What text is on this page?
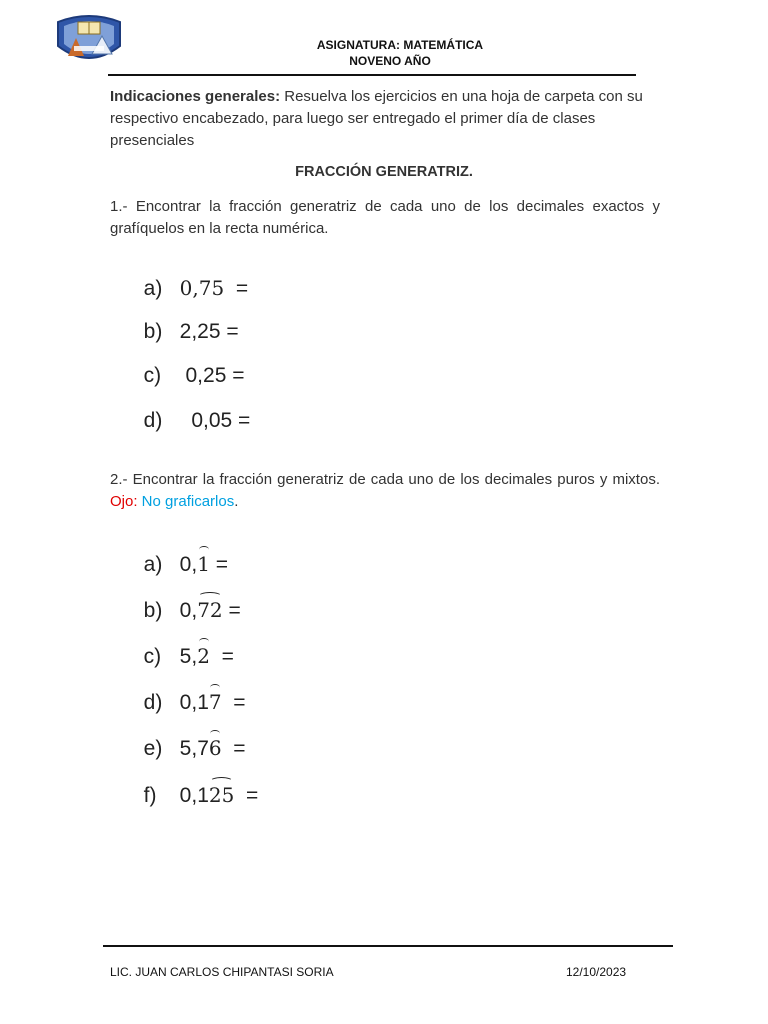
ASIGNATURA: MATEMÁTICA
NOVENO AÑO
Indicaciones generales: Resuelva los ejercicios en una hoja de carpeta con su respectivo encabezado, para luego ser entregado el primer día de clases presenciales
FRACCIÓN GENERATRIZ.
1.- Encontrar la fracción generatriz de cada uno de los decimales exactos y grafíquelos en la recta numérica.

a) 0,75  =

b) 2,25 =

c) 0,25 =

d)  0,05 =

2.- Encontrar la fracción generatriz de cada uno de los decimales puros y mixtos. Ojo: No graficarlos.

a) 0,1 =

b) 0,72 =

c) 5,2  =

d) 0,17  =

e) 5,76  =

f) 0,125  =

LIC. JUAN CARLOS CHIPANTASI SORIA	12/10/2023
